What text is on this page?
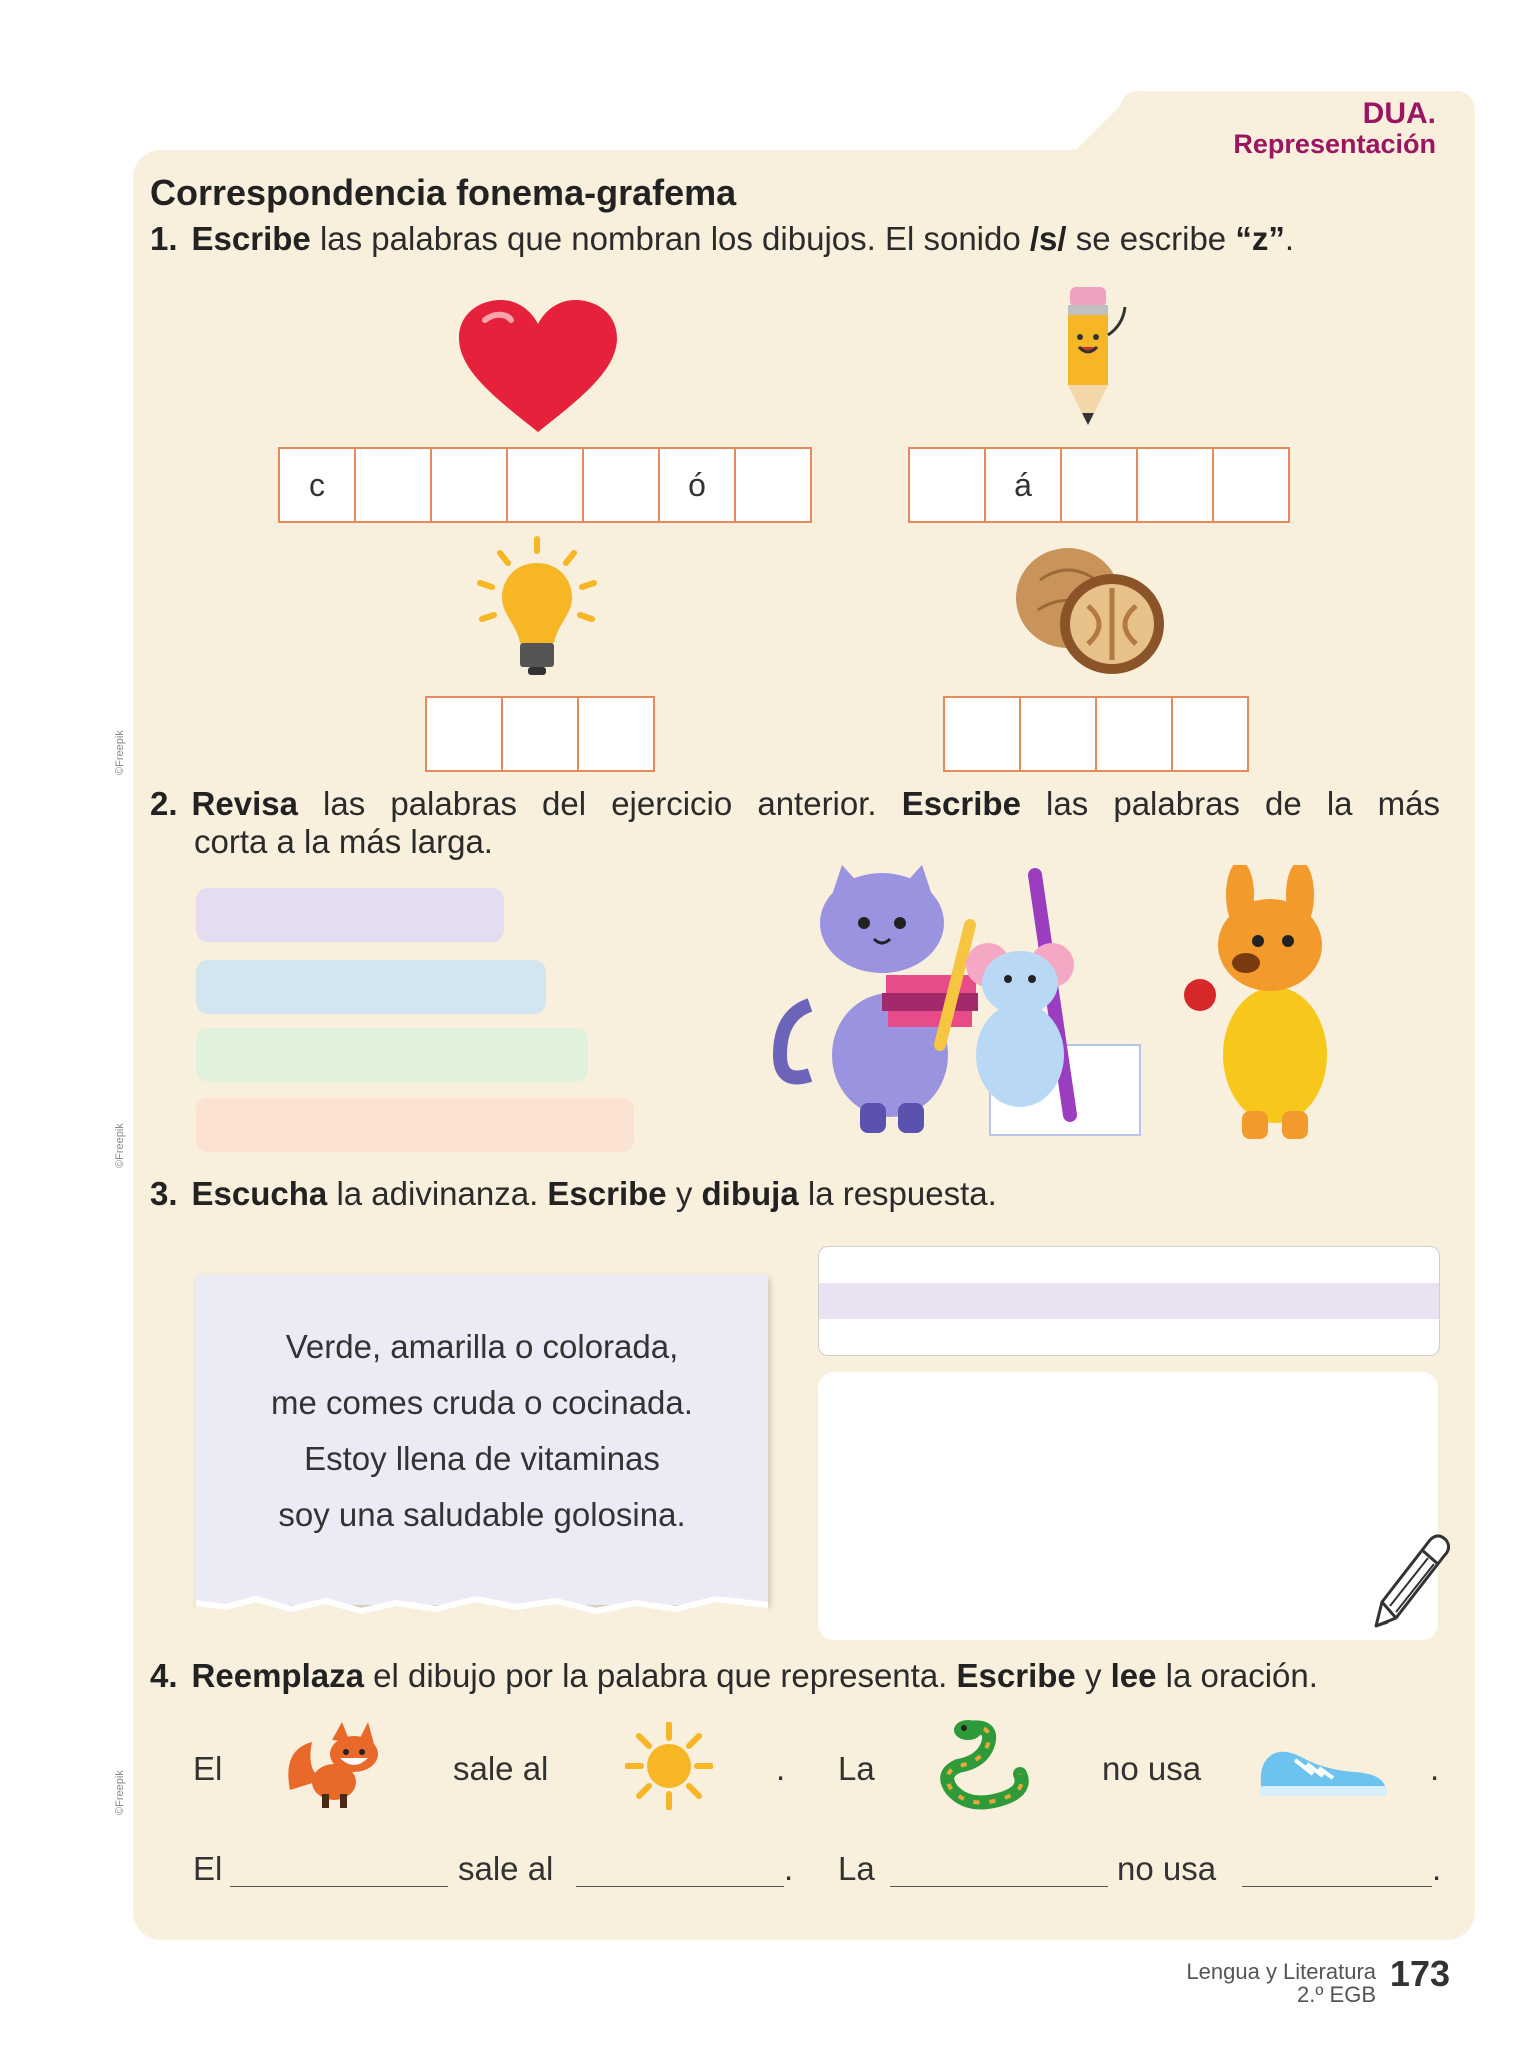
DUA.
Representación
©Freepik
©Freepik
©Freepik
Correspondencia fonema-grafema
1. Escribe las palabras que nombran los dibujos. El sonido /s/ se escribe “z”.
c	ó	á
2. Revisa las palabras del ejercicio anterior. Escribe las palabras de la más
corta a la más larga.
3. Escucha la adivinanza. Escribe y dibuja la respuesta.

Verde, amarilla o colorada,

me comes cruda o cocinada.

Estoy llena de vitaminas

soy una saludable golosina.

4. Reemplaza el dibujo por la palabra que representa. Escribe y lee la oración.
El	sale al	. La	no usa	.
El	sale al	. La	no usa	.
Lengua y Literatura
2.º EGB
173
